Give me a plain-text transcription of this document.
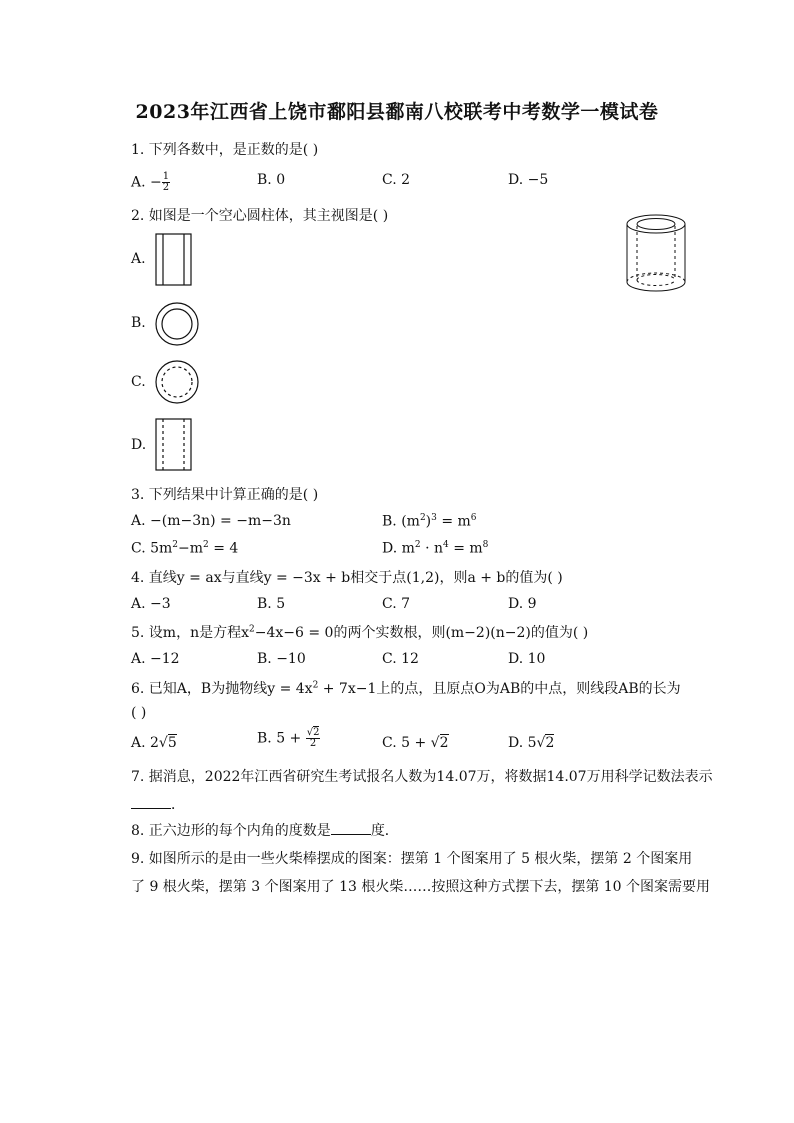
2023年江西省上饶市鄱阳县鄱南八校联考中考数学一模试卷
1. 下列各数中，是正数的是( )
A. − $\frac{1}{2}$	B. 0	C. 2	D. −5
2. 如图是一个空心圆柱体，其主视图是( )
A.
B.
C.
D.
3. 下列结果中计算正确的是( )
A. −(m−3n) = −m−3n	B. $(m^2)^3 = m^6$
C. $5m^2-m^2 = 4$	D. $m^2 \cdot n^4 = m^8$
4. 直线y = ax与直线y = −3x + b相交于点(1,2)，则a + b的值为( )
A. −3	B. 5	C. 7	D. 9
5. 设m，n是方程$x^2-4x-6 = 0$的两个实数根，则(m−2)(n−2)的值为( )
A. −12	B. −10	C. 12	D. 10
6. 已知A，B为抛物线$y = 4x^2 + 7x-1$上的点，且原点O为AB的中点，则线段AB的长为
( )
A. 2√5	B. $5 + \frac{√2}{2}$	C. 5 + √2	D. 5√2
7. 据消息，2022年江西省研究生考试报名人数为14.07万，将数据14.07万用科学记数法表示
．
8. 正六边形的每个内角的度数是	度．
9. 如图所示的是由一些火柴棒摆成的图案：摆第 1 个图案用了 5 根火柴，摆第 2 个图案用
了 9 根火柴，摆第 3 个图案用了 13 根火柴……按照这种方式摆下去，摆第 10 个图案需要用
